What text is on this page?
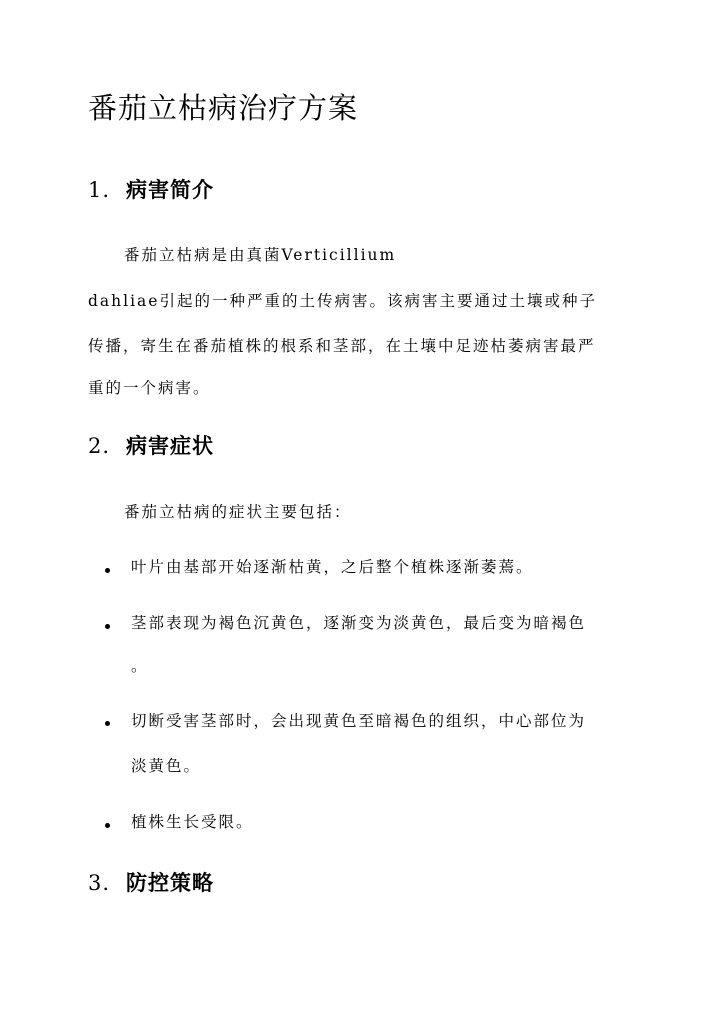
番茄立枯病治疗方案
1. 病害简介
番茄立枯病是由真菌Verticillium
dahliae引起的一种严重的土传病害。该病害主要通过土壤或种子
传播，寄生在番茄植株的根系和茎部，在土壤中足迹枯萎病害最严
重的一个病害。
2. 病害症状
番茄立枯病的症状主要包括：
叶片由基部开始逐渐枯黄，之后整个植株逐渐萎蔫。
茎部表现为褐色沉黄色，逐渐变为淡黄色，最后变为暗褐色
。
切断受害茎部时，会出现黄色至暗褐色的组织，中心部位为
淡黄色。
植株生长受限。
3. 防控策略
